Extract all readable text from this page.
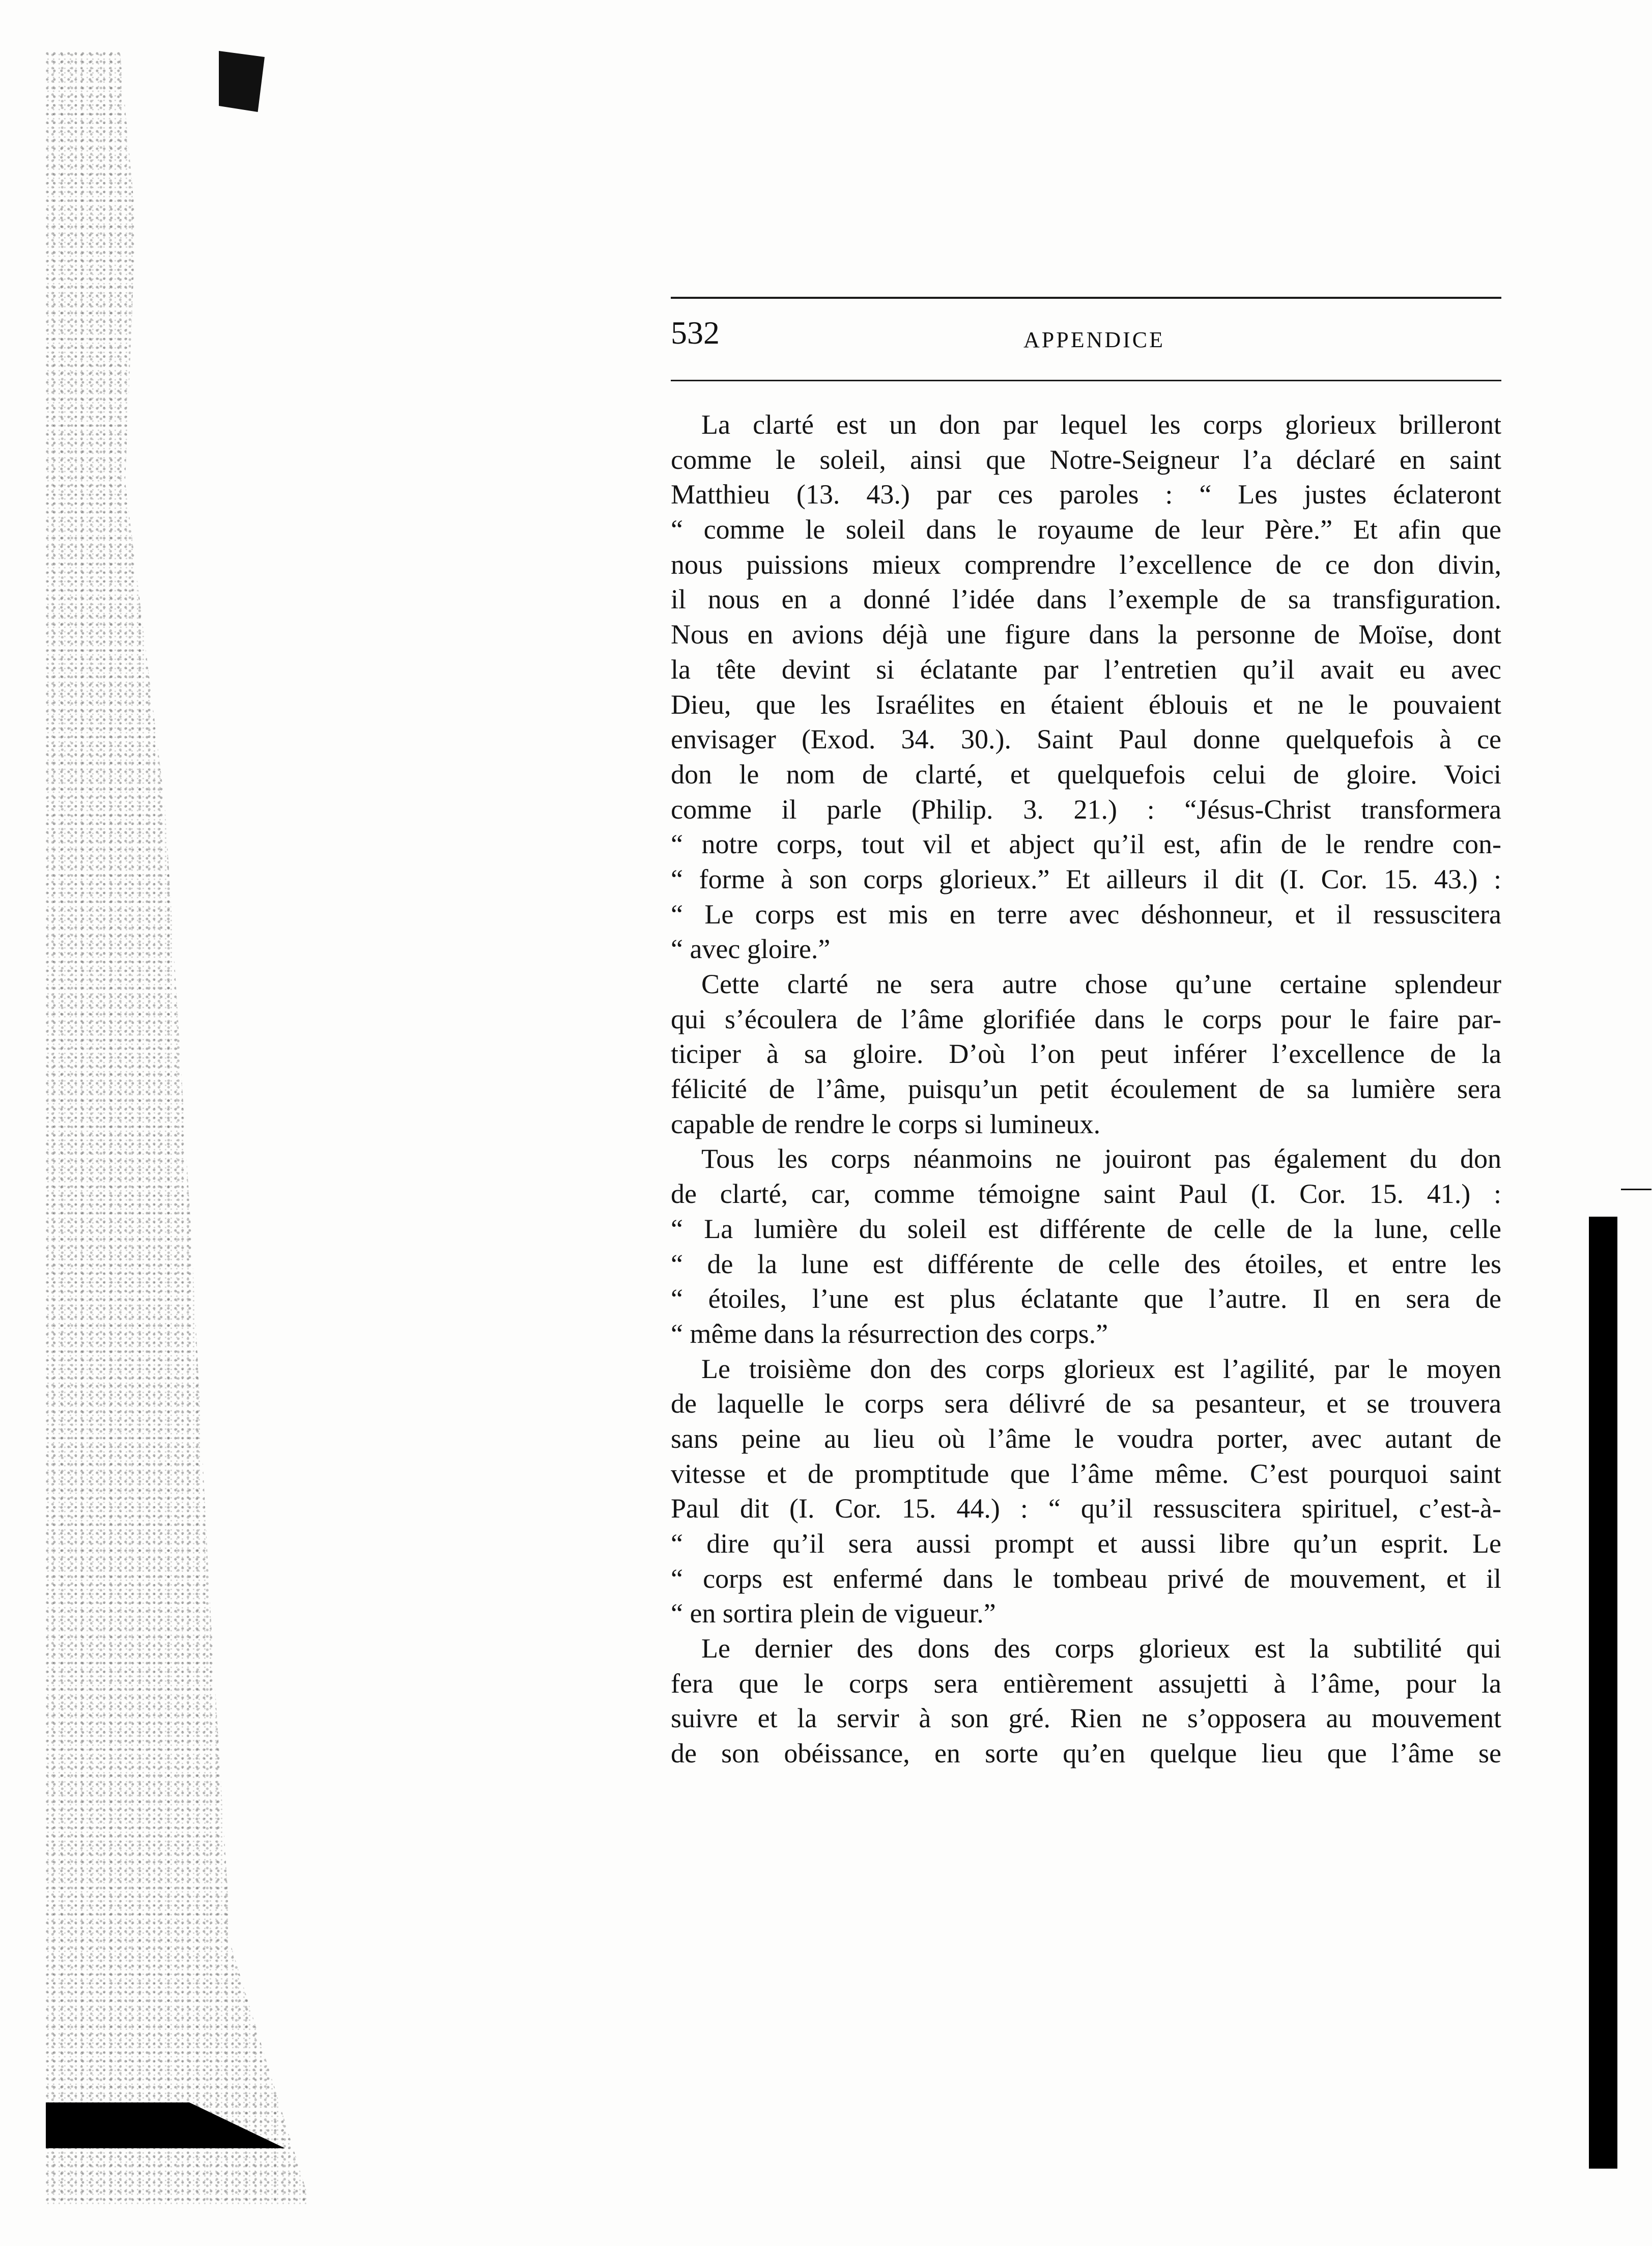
532	APPENDICE
La clarté est un don par lequel les corps glorieux brilleront
comme le soleil, ainsi que Notre-Seigneur l’a déclaré en saint
Matthieu (13. 43.) par ces paroles : “ Les justes éclateront
“ comme le soleil dans le royaume de leur Père.” Et afin que
nous puissions mieux comprendre l’excellence de ce don divin,
il nous en a donné l’idée dans l’exemple de sa transfiguration.
Nous en avions déjà une figure dans la personne de Moïse, dont
la tête devint si éclatante par l’entretien qu’il avait eu avec
Dieu, que les Israélites en étaient éblouis et ne le pouvaient
envisager (Exod. 34. 30.). Saint Paul donne quelquefois à ce
don le nom de clarté, et quelquefois celui de gloire. Voici
comme il parle (Philip. 3. 21.) : “Jésus-Christ transformera
“ notre corps, tout vil et abject qu’il est, afin de le rendre con-
“ forme à son corps glorieux.” Et ailleurs il dit (I. Cor. 15. 43.) :
“ Le corps est mis en terre avec déshonneur, et il ressuscitera
“ avec gloire.”
Cette clarté ne sera autre chose qu’une certaine splendeur
qui s’écoulera de l’âme glorifiée dans le corps pour le faire par-
ticiper à sa gloire. D’où l’on peut inférer l’excellence de la
félicité de l’âme, puisqu’un petit écoulement de sa lumière sera
capable de rendre le corps si lumineux.
Tous les corps néanmoins ne jouiront pas également du don
de clarté, car, comme témoigne saint Paul (I. Cor. 15. 41.) :
“ La lumière du soleil est différente de celle de la lune, celle
“ de la lune est différente de celle des étoiles, et entre les
“ étoiles, l’une est plus éclatante que l’autre. Il en sera de
“ même dans la résurrection des corps.”
Le troisième don des corps glorieux est l’agilité, par le moyen
de laquelle le corps sera délivré de sa pesanteur, et se trouvera
sans peine au lieu où l’âme le voudra porter, avec autant de
vitesse et de promptitude que l’âme même. C’est pourquoi saint
Paul dit (I. Cor. 15. 44.) : “ qu’il ressuscitera spirituel, c’est-à-
“ dire qu’il sera aussi prompt et aussi libre qu’un esprit. Le
“ corps est enfermé dans le tombeau privé de mouvement, et il
“ en sortira plein de vigueur.”
Le dernier des dons des corps glorieux est la subtilité qui
fera que le corps sera entièrement assujetti à l’âme, pour la
suivre et la servir à son gré. Rien ne s’opposera au mouvement
de son obéissance, en sorte qu’en quelque lieu que l’âme se
